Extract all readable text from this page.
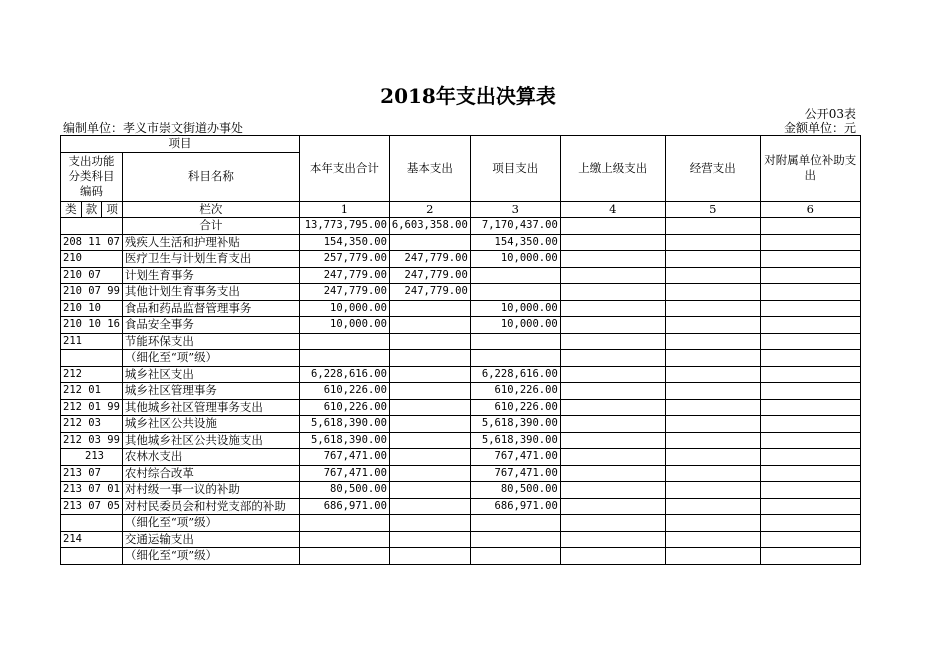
2018年支出决算表
公开03表
编制单位：孝义市崇文街道办事处	金额单位：元
项目				本年支出合计	基本支出	项目支出	上缴上级支出	经营支出	对附属单位补助支出
支出功能分类科目编码			科目名称						
类	款	项	栏次	1	2	3	4	5	6
			合计	13,773,795.00	6,603,358.00	7,170,437.00			
208 11 07			残疾人生活和护理补贴	154,350.00		154,350.00			
210			医疗卫生与计划生育支出	257,779.00	247,779.00	10,000.00			
210 07			计划生育事务	247,779.00	247,779.00				
210 07 99			其他计划生育事务支出	247,779.00	247,779.00				
210 10			食品和药品监督管理事务	10,000.00		10,000.00			
210 10 16			食品安全事务	10,000.00		10,000.00			
211			节能环保支出						
			（细化至“项”级）						
212			城乡社区支出	6,228,616.00		6,228,616.00			
212 01			城乡社区管理事务	610,226.00		610,226.00			
212 01 99			其他城乡社区管理事务支出	610,226.00		610,226.00			
212 03			城乡社区公共设施	5,618,390.00		5,618,390.00			
212 03 99			其他城乡社区公共设施支出	5,618,390.00		5,618,390.00			
213			农林水支出	767,471.00		767,471.00			
213 07			农村综合改革	767,471.00		767,471.00			
213 07 01			对村级一事一议的补助	80,500.00		80,500.00			
213 07 05			对村民委员会和村党支部的补助	686,971.00		686,971.00			
			（细化至“项”级）						
214			交通运输支出						
			（细化至“项”级）						
